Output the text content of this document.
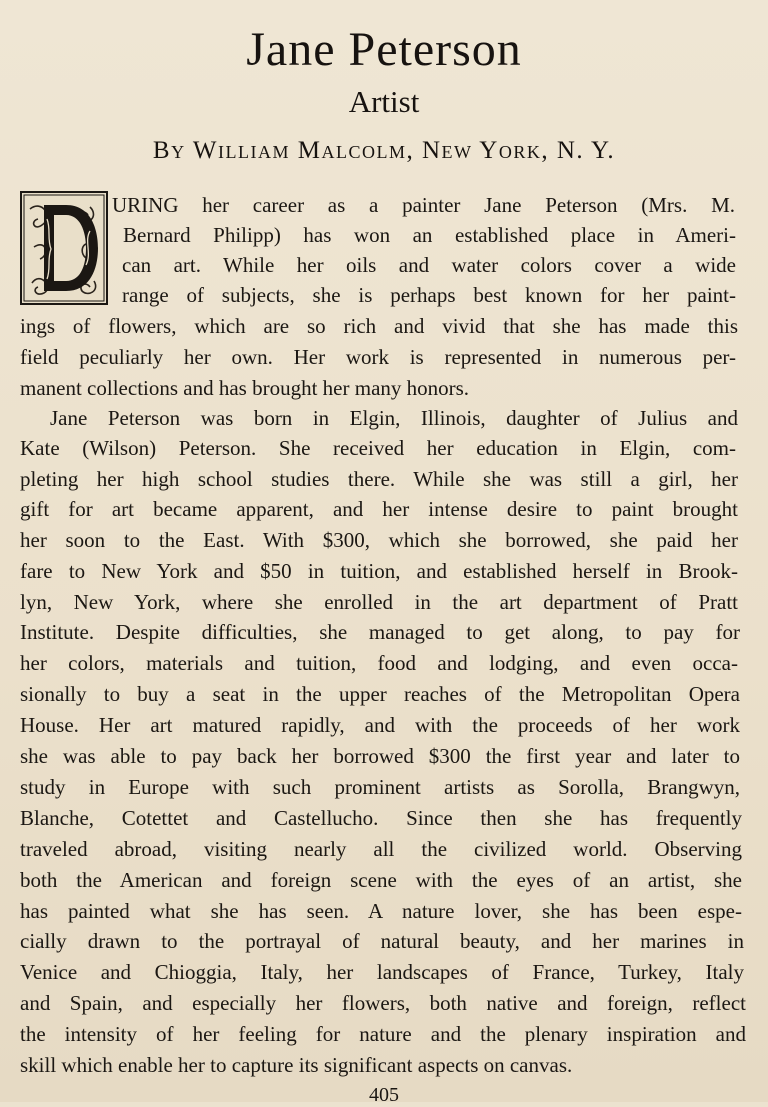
Jane Peterson
Artist
By William Malcolm, New York, N. Y.
URING her career as a painter Jane Peterson (Mrs. M.
Bernard Philipp) has won an established place in Ameri-
can art. While her oils and water colors cover a wide
range of subjects, she is perhaps best known for her paint-
ings of flowers, which are so rich and vivid that she has made this
field peculiarly her own. Her work is represented in numerous per-
manent collections and has brought her many honors.
Jane Peterson was born in Elgin, Illinois, daughter of Julius and
Kate (Wilson) Peterson. She received her education in Elgin, com-
pleting her high school studies there. While she was still a girl, her
gift for art became apparent, and her intense desire to paint brought
her soon to the East. With $300, which she borrowed, she paid her
fare to New York and $50 in tuition, and established herself in Brook-
lyn, New York, where she enrolled in the art department of Pratt
Institute. Despite difficulties, she managed to get along, to pay for
her colors, materials and tuition, food and lodging, and even occa-
sionally to buy a seat in the upper reaches of the Metropolitan Opera
House. Her art matured rapidly, and with the proceeds of her work
she was able to pay back her borrowed $300 the first year and later to
study in Europe with such prominent artists as Sorolla, Brangwyn,
Blanche, Cotettet and Castellucho. Since then she has frequently
traveled abroad, visiting nearly all the civilized world. Observing
both the American and foreign scene with the eyes of an artist, she
has painted what she has seen. A nature lover, she has been espe-
cially drawn to the portrayal of natural beauty, and her marines in
Venice and Chioggia, Italy, her landscapes of France, Turkey, Italy
and Spain, and especially her flowers, both native and foreign, reflect
the intensity of her feeling for nature and the plenary inspiration and
skill which enable her to capture its significant aspects on canvas.
405
